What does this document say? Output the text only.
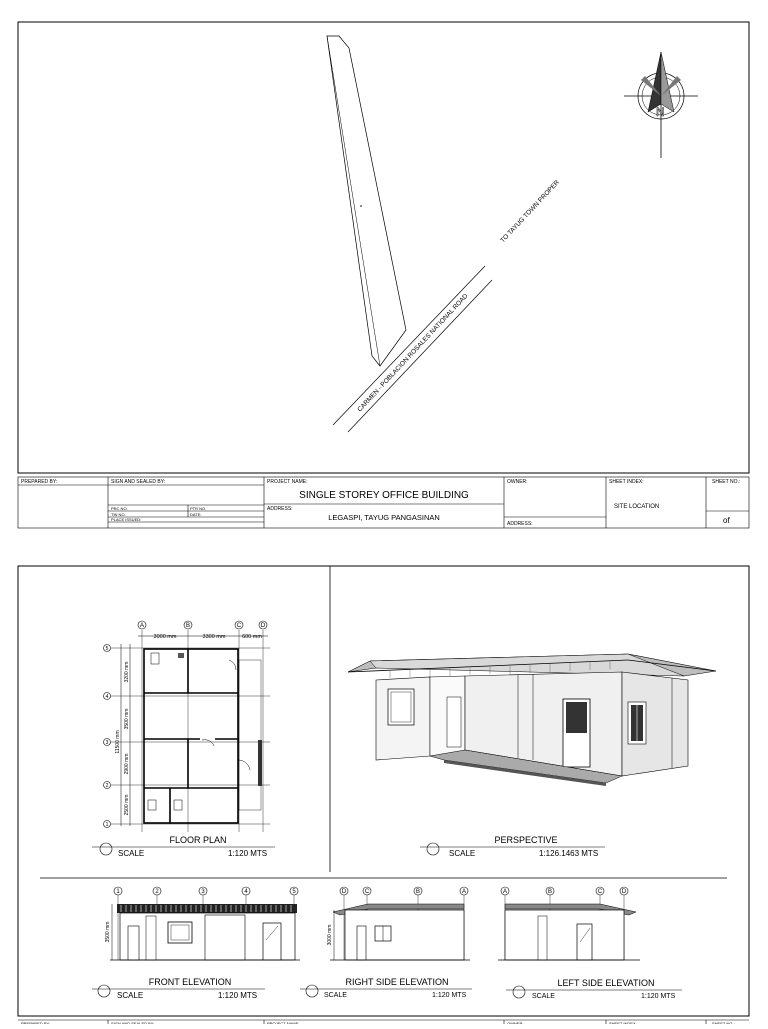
CARMEN - POBLACION ROSALES NATIONAL ROAD
TO TAYUG TOWN PROPER
N
PREPARED BY:	SIGN AND SEALED BY:
PRC NO.	PTR NO.
TIN NO.	DATE:
PLACE ISSUED:
PROJECT NAME:
SINGLE STOREY OFFICE BUILDING
ADDRESS:
LEGASPI, TAYUG PANGASINAN
OWNER:
ADDRESS:
SHEET INDEX:
SITE LOCATION
SHEET NO.:
of
A	B	C	D
3000 mm	3300 mm	600 mm
5
4
3
2
1
3200 mm
3500 mm
2900 mm
2500 mm
11500 mm
FLOOR PLAN
SCALE	1:120 MTS
PERSPECTIVE
SCALE	1:126.1463 MTS
1	2	3	4	5
3500 mm
FRONT ELEVATION
SCALE	1:120 MTS
D	C	B	A
3000 mm
RIGHT SIDE ELEVATION
SCALE	1:120 MTS
A	B	C	D
LEFT SIDE ELEVATION
SCALE	1:120 MTS
PREPARED BY:	SIGN AND SEALED BY:	PROJECT NAME:	OWNER:	SHEET INDEX:	SHEET NO.:
